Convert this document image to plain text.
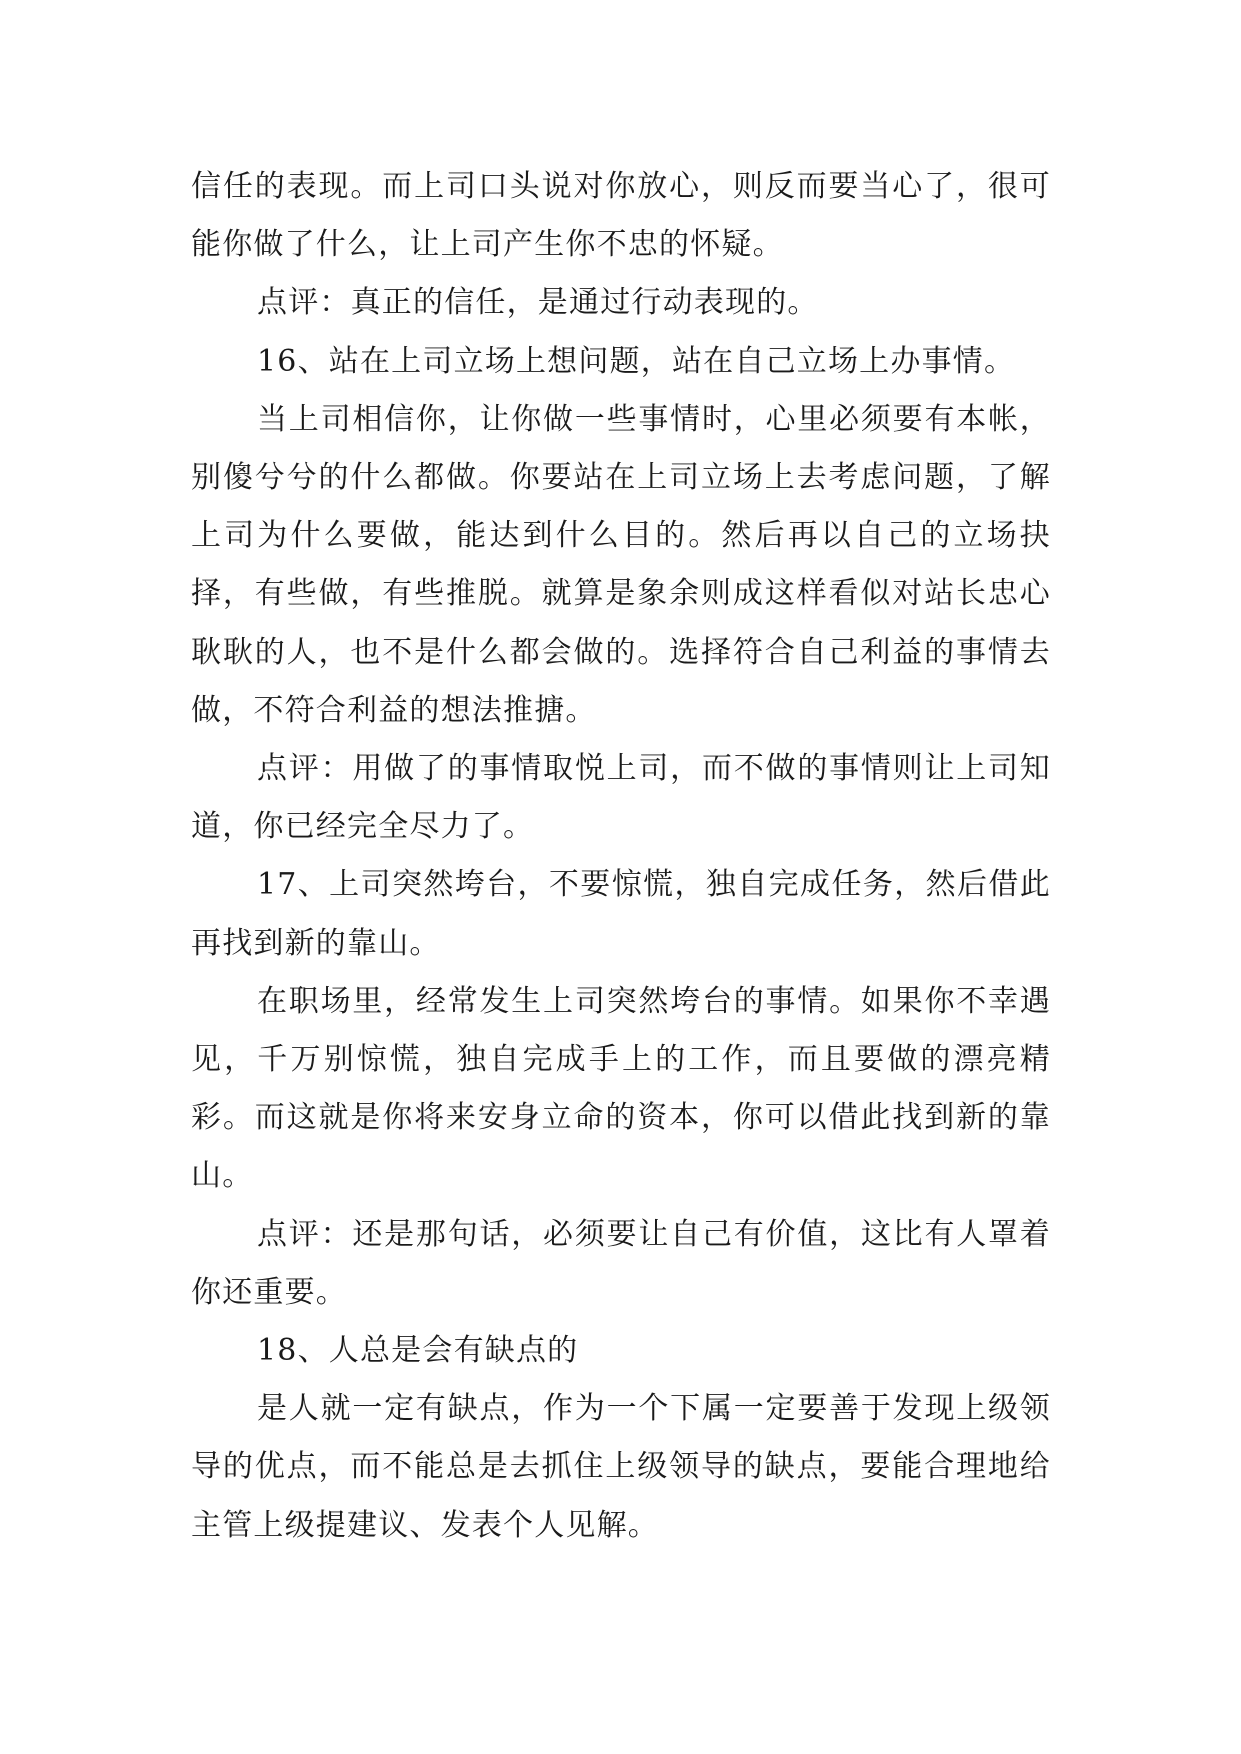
信任的表现。而上司口头说对你放心，则反而要当心了，很可能你做了什么，让上司产生你不忠的怀疑。

点评：真正的信任，是通过行动表现的。

16、站在上司立场上想问题，站在自己立场上办事情。

当上司相信你，让你做一些事情时，心里必须要有本帐，别傻兮兮的什么都做。你要站在上司立场上去考虑问题，了解上司为什么要做，能达到什么目的。然后再以自己的立场抉择，有些做，有些推脱。就算是象余则成这样看似对站长忠心耿耿的人，也不是什么都会做的。选择符合自己利益的事情去做，不符合利益的想法推搪。

点评：用做了的事情取悦上司，而不做的事情则让上司知道，你已经完全尽力了。

17、上司突然垮台，不要惊慌，独自完成任务，然后借此再找到新的靠山。

在职场里，经常发生上司突然垮台的事情。如果你不幸遇见，千万别惊慌，独自完成手上的工作，而且要做的漂亮精彩。而这就是你将来安身立命的资本，你可以借此找到新的靠山。

点评：还是那句话，必须要让自己有价值，这比有人罩着你还重要。

18、人总是会有缺点的

是人就一定有缺点，作为一个下属一定要善于发现上级领导的优点，而不能总是去抓住上级领导的缺点，要能合理地给主管上级提建议、发表个人见解。
